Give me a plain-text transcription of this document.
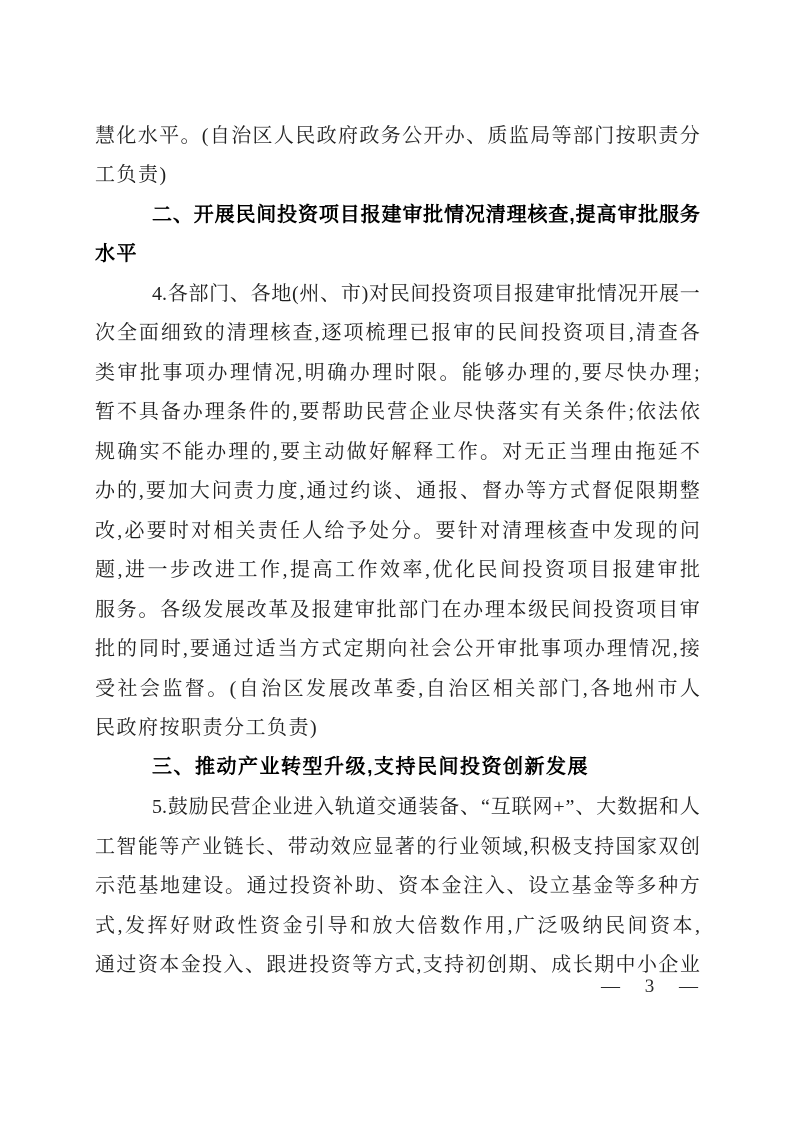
慧 化 水 平 。 ( 自 治 区 人 民 政 府 政 务 公 开 办 、 质 监 局 等 部 门 按 职 责 分
工负责)
二 、 开 展 民 间 投 资 项 目 报 建 审 批 情 况 清 理 核 查 , 提 高 审 批 服 务
水平
4. 各 部 门 、 各 地 ( 州 、 市 ) 对 民 间 投 资 项 目 报 建 审 批 情 况 开 展 一
次 全 面 细 致 的 清 理 核 查 , 逐 项 梳 理 已 报 审 的 民 间 投 资 项 目 , 清 查 各
类 审 批 事 项 办 理 情 况 , 明 确 办 理 时 限 。 能 够 办 理 的 , 要 尽 快 办 理 ;
暂 不 具 备 办 理 条 件 的 , 要 帮 助 民 营 企 业 尽 快 落 实 有 关 条 件 ; 依 法 依
规 确 实 不 能 办 理 的 , 要 主 动 做 好 解 释 工 作 。 对 无 正 当 理 由 拖 延 不
办 的 , 要 加 大 问 责 力 度 , 通 过 约 谈 、 通 报 、 督 办 等 方 式 督 促 限 期 整
改 , 必 要 时 对 相 关 责 任 人 给 予 处 分 。 要 针 对 清 理 核 查 中 发 现 的 问
题 , 进 一 步 改 进 工 作 , 提 高 工 作 效 率 , 优 化 民 间 投 资 项 目 报 建 审 批
服 务 。 各 级 发 展 改 革 及 报 建 审 批 部 门 在 办 理 本 级 民 间 投 资 项 目 审
批 的 同 时 , 要 通 过 适 当 方 式 定 期 向 社 会 公 开 审 批 事 项 办 理 情 况 , 接
受 社 会 监 督 。 ( 自 治 区 发 展 改 革 委 , 自 治 区 相 关 部 门 , 各 地 州 市 人
民政府按职责分工负责)
三、推动产业转型升级,支持民间投资创新发展
5. 鼓 励 民 营 企 业 进 入 轨 道 交 通 装 备 、 “ 互 联 网 + ” 、 大 数 据 和 人
工 智 能 等 产 业 链 长 、 带 动 效 应 显 著 的 行 业 领 域 , 积 极 支 持 国 家 双 创
示 范 基 地 建 设 。 通 过 投 资 补 助 、 资 本 金 注 入 、 设 立 基 金 等 多 种 方
式 , 发 挥 好 财 政 性 资 金 引 导 和 放 大 倍 数 作 用 , 广 泛 吸 纳 民 间 资 本 ,
通 过 资 本 金 投 入 、 跟 进 投 资 等 方 式 , 支 持 初 创 期 、 成 长 期 中 小 企 业
— 3 —
